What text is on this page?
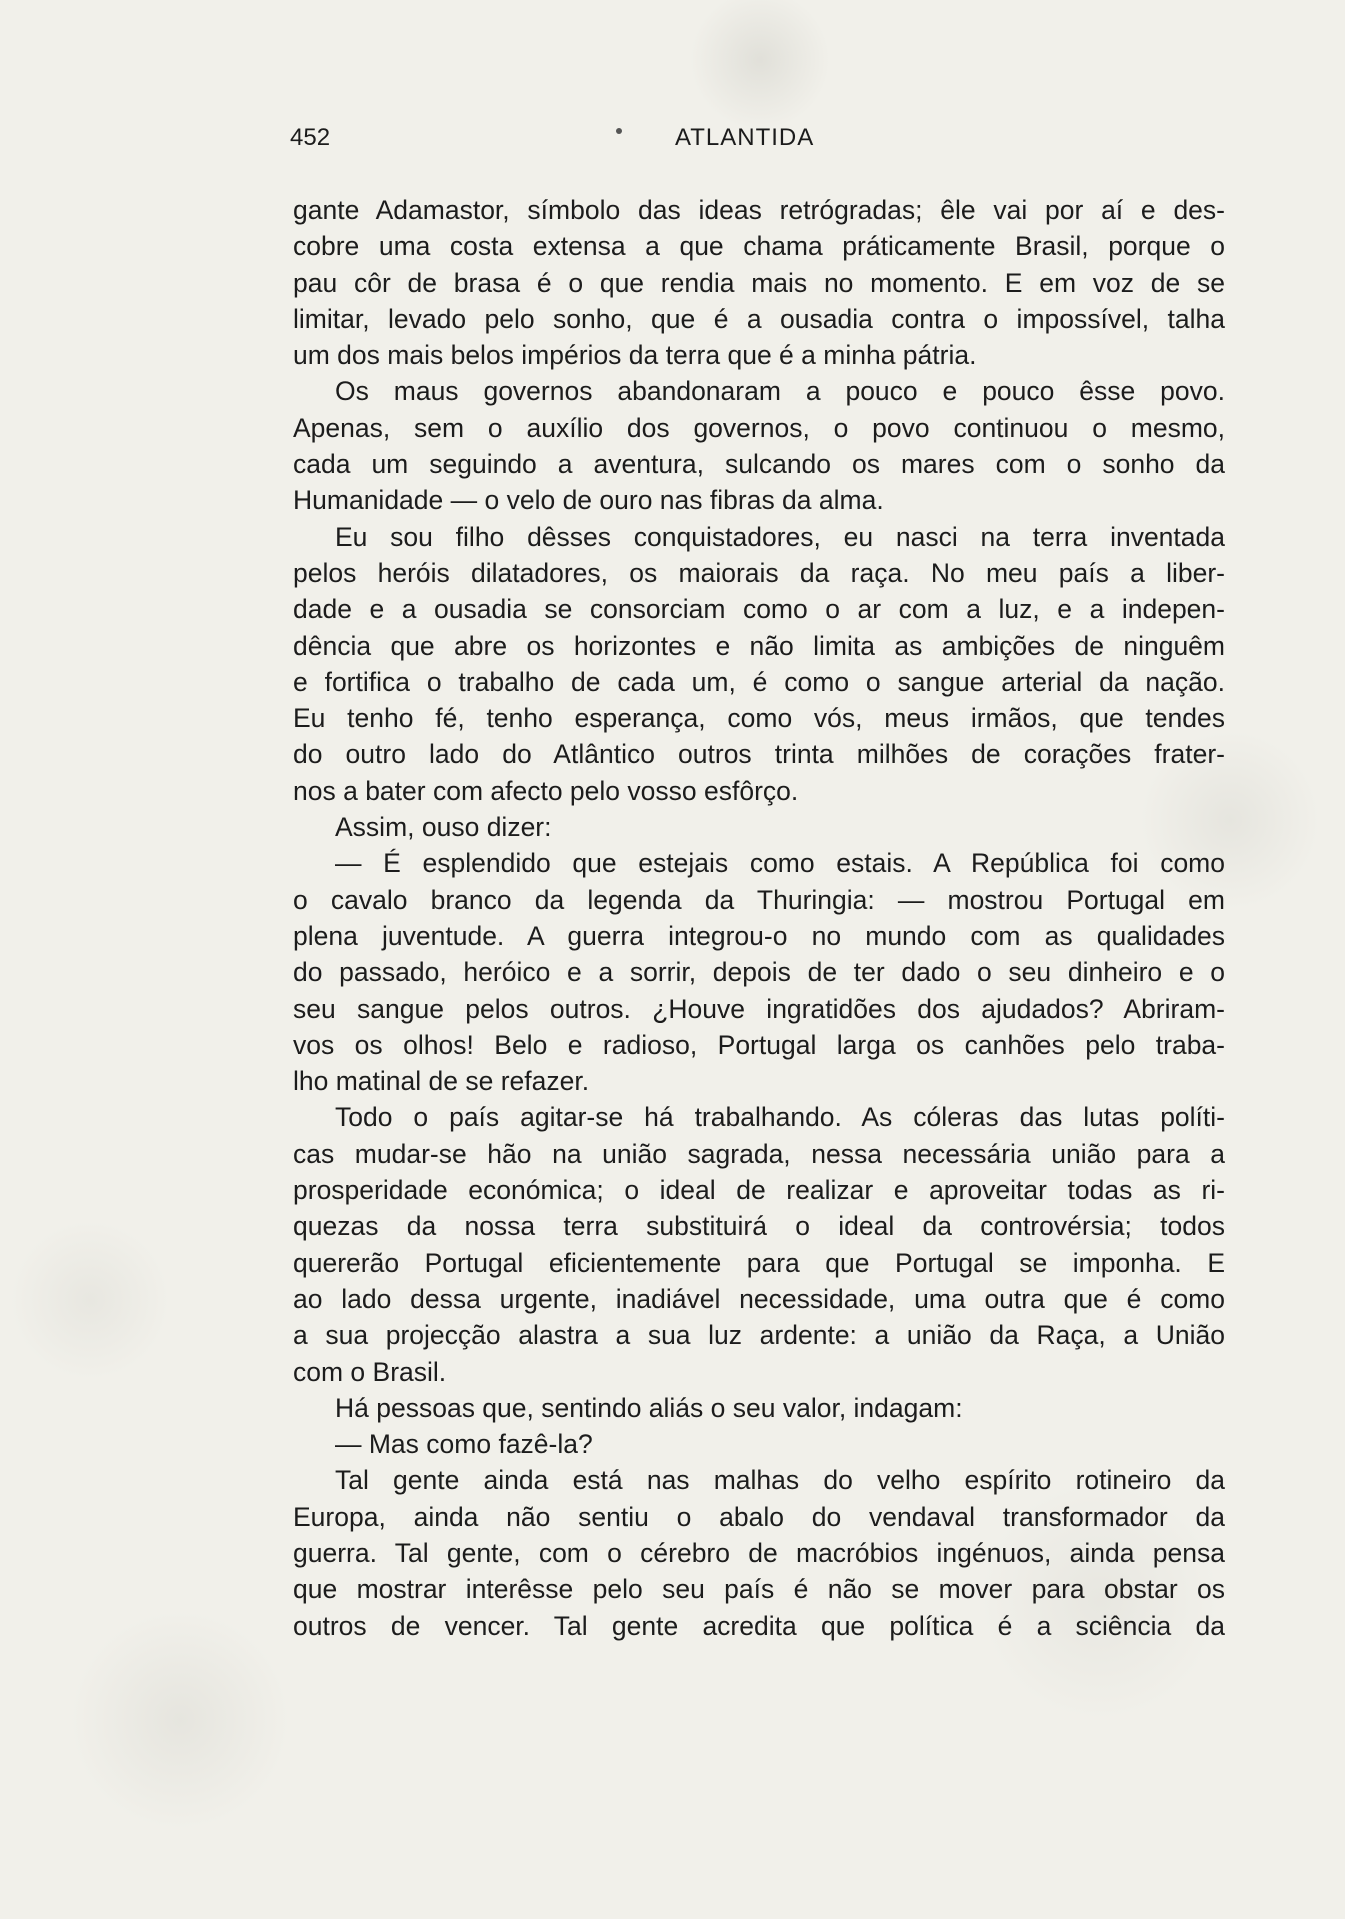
452	ATLANTIDA
gante Adamastor, símbolo das ideas retrógradas; êle vai por aí e des-
cobre uma costa extensa a que chama práticamente Brasil, porque o
pau côr de brasa é o que rendia mais no momento. E em voz de se
limitar, levado pelo sonho, que é a ousadia contra o impossível, talha
um dos mais belos impérios da terra que é a minha pátria.
Os maus governos abandonaram a pouco e pouco êsse povo.
Apenas, sem o auxílio dos governos, o povo continuou o mesmo,
cada um seguindo a aventura, sulcando os mares com o sonho da
Humanidade — o velo de ouro nas fibras da alma.
Eu sou filho dêsses conquistadores, eu nasci na terra inventada
pelos heróis dilatadores, os maiorais da raça. No meu país a liber-
dade e a ousadia se consorciam como o ar com a luz, e a indepen-
dência que abre os horizontes e não limita as ambições de ninguêm
e fortifica o trabalho de cada um, é como o sangue arterial da nação.
Eu tenho fé, tenho esperança, como vós, meus irmãos, que tendes
do outro lado do Atlântico outros trinta milhões de corações frater-
nos a bater com afecto pelo vosso esfôrço.
Assim, ouso dizer:
— É esplendido que estejais como estais. A República foi como
o cavalo branco da legenda da Thuringia: — mostrou Portugal em
plena juventude. A guerra integrou-o no mundo com as qualidades
do passado, heróico e a sorrir, depois de ter dado o seu dinheiro e o
seu sangue pelos outros. ¿Houve ingratidões dos ajudados? Abriram-
vos os olhos! Belo e radioso, Portugal larga os canhões pelo traba-
lho matinal de se refazer.
Todo o país agitar-se há trabalhando. As cóleras das lutas políti-
cas mudar-se hão na união sagrada, nessa necessária união para a
prosperidade económica; o ideal de realizar e aproveitar todas as ri-
quezas da nossa terra substituirá o ideal da controvérsia; todos
quererão Portugal eficientemente para que Portugal se imponha. E
ao lado dessa urgente, inadiável necessidade, uma outra que é como
a sua projecção alastra a sua luz ardente: a união da Raça, a União
com o Brasil.
Há pessoas que, sentindo aliás o seu valor, indagam:
— Mas como fazê-la?
Tal gente ainda está nas malhas do velho espírito rotineiro da
Europa, ainda não sentiu o abalo do vendaval transformador da
guerra. Tal gente, com o cérebro de macróbios ingénuos, ainda pensa
que mostrar interêsse pelo seu país é não se mover para obstar os
outros de vencer. Tal gente acredita que política é a sciência da
